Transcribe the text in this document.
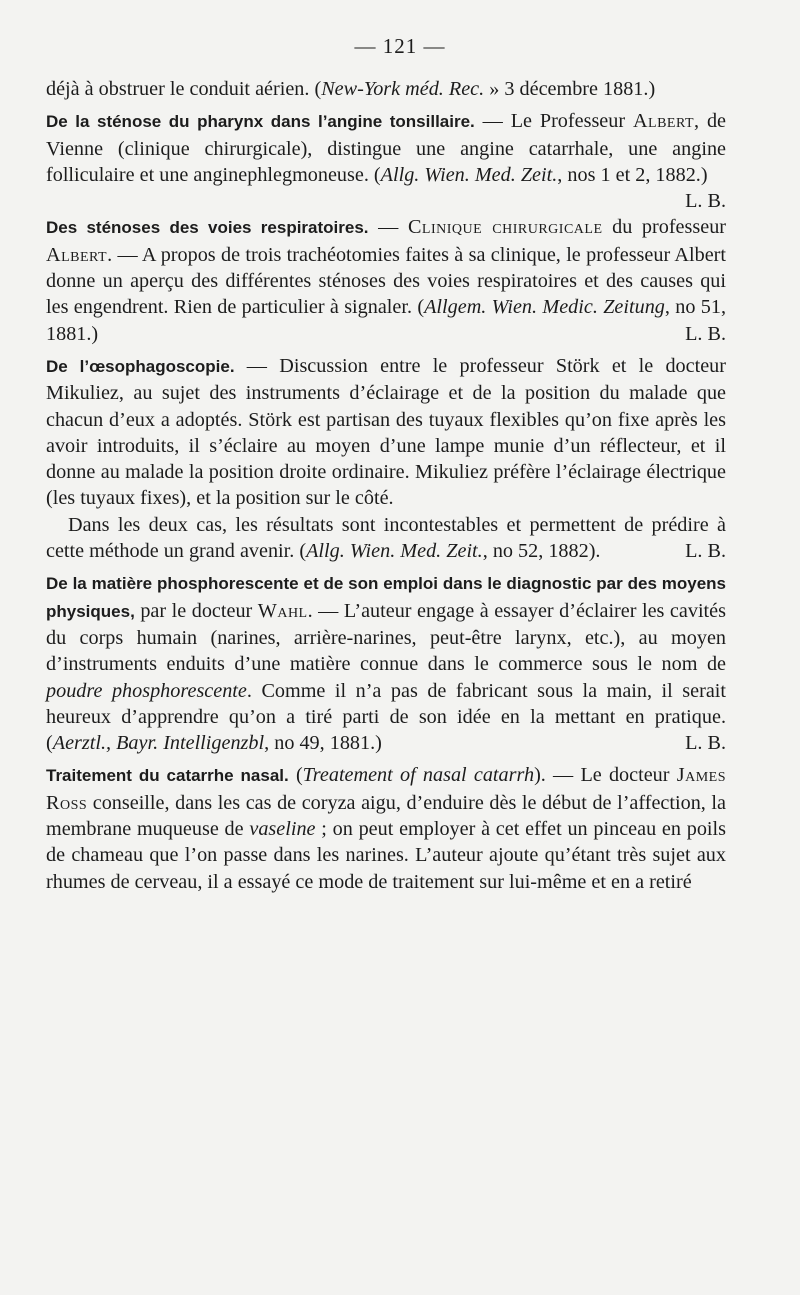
— 121 —

déjà à obstruer le conduit aérien. (New-York méd. Rec. » 3 décembre 1881.)

De la sténose du pharynx dans l’angine tonsillaire. — Le Professeur Albert, de Vienne (clinique chirurgicale), distingue une angine catarrhale, une angine folliculaire et une anginephlegmoneuse. (Allg. Wien. Med. Zeit., nos 1 et 2, 1882.)
L. B.

Des sténoses des voies respiratoires. — Clinique chirurgicale du professeur Albert. — A propos de trois trachéotomies faites à sa clinique, le professeur Albert donne un aperçu des différentes sténoses des voies respiratoires et des causes qui les engendrent. Rien de particulier à signaler. (Allgem. Wien. Medic. Zeitung, no 51, 1881.)	L. B.

De l’œsophagoscopie. — Discussion entre le professeur Störk et le docteur Mikuliez, au sujet des instruments d’éclairage et de la position du malade que chacun d’eux a adoptés. Störk est partisan des tuyaux flexibles qu’on fixe après les avoir introduits, il s’éclaire au moyen d’une lampe munie d’un réflecteur, et il donne au malade la position droite ordinaire. Mikuliez préfère l’éclairage électrique (les tuyaux fixes), et la position sur le côté.

Dans les deux cas, les résultats sont incontestables et permettent de prédire à cette méthode un grand avenir. (Allg. Wien. Med. Zeit., no 52, 1882).	L. B.

De la matière phosphorescente et de son emploi dans le diagnostic par des moyens physiques, par le docteur Wahl. — L’auteur engage à essayer d’éclairer les cavités du corps humain (narines, arrière-narines, peut-être larynx, etc.), au moyen d’instruments enduits d’une matière connue dans le commerce sous le nom de poudre phosphorescente. Comme il n’a pas de fabricant sous la main, il serait heureux d’apprendre qu’on a tiré parti de son idée en la mettant en pratique. (Aerztl., Bayr. Intelligenzbl, no 49, 1881.)	L. B.

Traitement du catarrhe nasal. (Treatement of nasal catarrh). — Le docteur James Ross conseille, dans les cas de coryza aigu, d’enduire dès le début de l’affection, la membrane muqueuse de vaseline ; on peut employer à cet effet un pinceau en poils de chameau que l’on passe dans les narines. L’auteur ajoute qu’étant très sujet aux rhumes de cerveau, il a essayé ce mode de traitement sur lui-même et en a retiré
